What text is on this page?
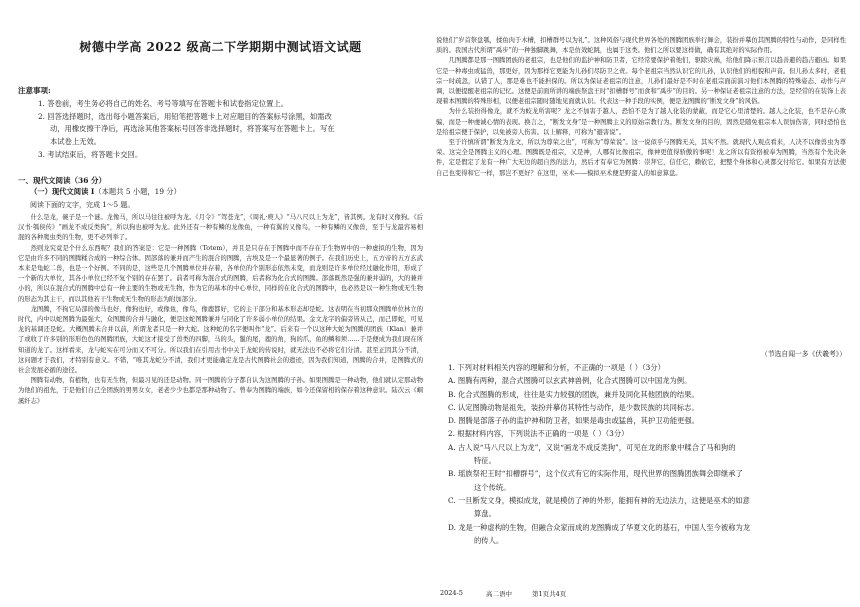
树德中学高 2022 级高二下学期期中测试语文试题
注意事项:
1. 答卷前，考生务必将自己的姓名、考号等填写在答题卡和试卷指定位置上。
2. 回答选择题时，选出每小题答案后，用铅笔把答题卡上对应题目的答案标号涂黑，如需改
动，用橡皮擦干净后，再选涂其他答案标号回答非选择题时，将答案写在答题卡上。写在
本试卷上无效。
3. 考试结束后，将答题卡交回。
一、现代文阅读（36 分）
（一）现代文阅读 I（本题共 5 小题，19 分）
阅读下面的文字，完成 1～5 题。

什么是龙，碗子是一个谜。龙像马，所以马往往被呼为龙。《月令》“驾苍龙”，《周礼·庾人》“马八尺以上为龙”，皆其例。龙有时又像狗。《后汉书·瓠侯传》“画龙不成反类狗”，所以狗也被呼为龙。此外还有一种有鳞的龙像鱼，一种有翼的又像鸟，一种有鳞的又像兽，至于与龙最容易相混的各种爬虫类的生物，更不必列举了。

然则龙究竟是个什么东西呢？我们的答案是：它是一种图腾（Totem），并且是只存在于图腾中而不存在于生物界中的一种虚拟的生物，因为它是由许多不同的图腾糅合成的一种综合体。固部落的兼并而产生的混合的图腾，古埃及是一个最显著的例子。在我们历史上，五方帝的五方玄武本来是龟蛇二兽，也是一个好例。不同的是，这些是几个图腾单位并存着，各单位的个别形态依然未变，而龙则是许多单位经过融化作用，形成了一个新的大单位，其各小单位已经不复个别的存在罢了。前者可称为混合式的图腾，后者称为化合式的图腾。部落既然是强的兼并弱的，大的兼并小的，所以在混合式的图腾中总有一种主要的生物或无生物，作为它的基本的中心单位，同样的在化合式的图腾中，也必然是以一种生物或无生物的形态为其主干，而以其他若干生物或无生物的形态为附加部分。

龙图腾，不拘它局部的像马也好，像狗也好，或像鱼，像鸟，像鹿都好，它的主干部分和基本形态却是蛇。这表明在当初那众图腾单位林立的时代，内中以蛇图腾为最强大，众图腾的合并与融化，便是这蛇图腾兼并与同化了许多弱小单位的结果。金文龙字的偏旁皆从己，而己即蛇，可见龙的基调还是蛇。大概图腾未合并以前，所谓龙者只是一种大蛇。这种蛇的名字便叫作“龙”。后来有一个以这种大蛇为图腾的团族（Klan）兼并了或收了许多别的形形色色的图腾团族，大蛇这才接受了兽类的四脚，马的头，鬣的尾，鹿的角，狗的爪，鱼的鳞和须……于是便成为我们现在所知道的龙了。这样看来，龙与蛇实在可分而又不可分。所以我们在引用古书中关于龙蛇的传说时，就无法也不必将它们分清。甚至正因其分不清，这问题才于我们，才特别有意义。不错，“唯其龙蛇分不清，我们才更能确定龙是古代图腾社会的遗迹，因为我们知道，图腾的合并，是图腾式的社会发展必循的途径。

图腾有动物，有植物，也有无生物，但最习见的还是动物。同一图腾的分子都自认为这图腾的子孙。如果图腾是一种动物，他们就认定那动物为他们的祖先，于是他们自己全团族的男男女女，老老少少也都是那种动物了。曾奉为图腾的端族，如今还保留相的保存着这种意识。陆次云《峒溪纤志》

说他们“岁首祭盘瓠，揉鱼肉于木槽，扣槽群号以为礼”。这种风俗与现代世界各处的图腾团族举行舞会，装扮并摹仿其图腾的特性与动作，是同样性质的。我国古代所谓“禹步”的一种独脚跳舞，本是仿效蛇跳，也属于这类。他们之所以要这样做，确有其绝对的实际作用。

几图腾都是那一图腾团族的老祖宗，也是他们的监护神和防卫者，它经常要保护着他们，驱除灾祸，给他们降示预言以趋善避的趋吉避凶。如果它是一种毒虫或猛兽，那更好，因为那样它更能为儿孙们尽防卫之责。每个老祖宗当然认识它的儿孙，认识他们的相貌和声音。但儿孙太多时，老祖宗一时疏忽，认错了人，那是难也不能担保的。所以为保证老祖宗的注意，儿孙们最好是不时在老祖宗面前演习他们本图腾的特殊姿态、动作与声调，以便提醒老祖宗的记忆。这便是前面所讲的端族祭盘王时“扣槽群号”而食和“禹步”的目的。另一种保证老祖宗注意的方法，是经常的在装饰上表现着本图腾的特殊形相，以便老祖宗随时随地见面就认识。代表这一种手段的实例，便是龙图腾的“断发文身”的风俗。

为什么装扮得像龙，就不为蛟龙所害呢？龙之不加害于越人，恐怕不是为了越人化装的蒙蔽，而是它心里清楚的。越人之化装，也不是存心欺骗，而是一种虔诚心情的表现。换言之，“断发文身”是一种图腾主义的原始宗教行为。断发文身的目的，固然是随免祖宗本人误加伤害，同时恐怕也是给祖宗便于保护，以免被旁人伤害。以上解释，可称为“避害说”。

至于许慎所谓“断发为龙文，所以为尊荣之也”，可称为“尊荣说”。这一说似乎与图腾无关，其实不然。就现代人观点看来，人决不以像兽虫为尊荣。这完全是图腾主义的心理。图腾既是祖宗，又是神，人哪有比像祖宗，像神更值得骄傲的事呢！龙之所以有资格被奉为图腾，当然有个先决条件，定是假定了龙有一种广大无边的超自然的法力，然后才有奉它为图腾：崇拜它，信任它，赖依它，把整个身体和心灵都交付给它。如果有方法使自己也变得和它一样，那岂不更好？在这里，巫术——模拟巫术便是野蛮人的如意算盘。

（节选自闻一多《伏羲考》）

1. 下列对材料相关内容的理解和分析，不正确的一项是（ ）（3分）

A. 图腾有两种，混合式图腾可以玄武神兽例，化合式图腾可以中国龙为例。

B. 化合式图腾的形成，往往是实力较强的团族，兼并及同化其他团族的结果。

C. 认定图腾动物是祖先，装扮并摹仿其特性与动作，是少数民族的共同标志。

D. 图腾是部落子孙的监护神和防卫者，如果是毒虫或猛兽，其护卫功能更强。

2. 根据材料内容，下列说法不正确的一项是（ ）（3分）

A. 古人说“马八尺以上为龙”，又说“画龙不成反类狗”，可见在龙的形象中糅合了马和狗的

特征。

B. 瑶族祭祀王时“扣槽群号”，这个仪式有它的实际作用，现代世界的图腾团族舞会即继承了

这个传统。

C. 一旦断发文身，模拟成龙，就是模仿了神的外形，能拥有神的无边法力，这便是巫术的如意

算盘。

D. 龙是一种虚构的生物，但融合众家而成的龙图腾成了华夏文化的基石，中国人至今被称为龙

的传人。

2024-5	高二语中	第1页共4页
